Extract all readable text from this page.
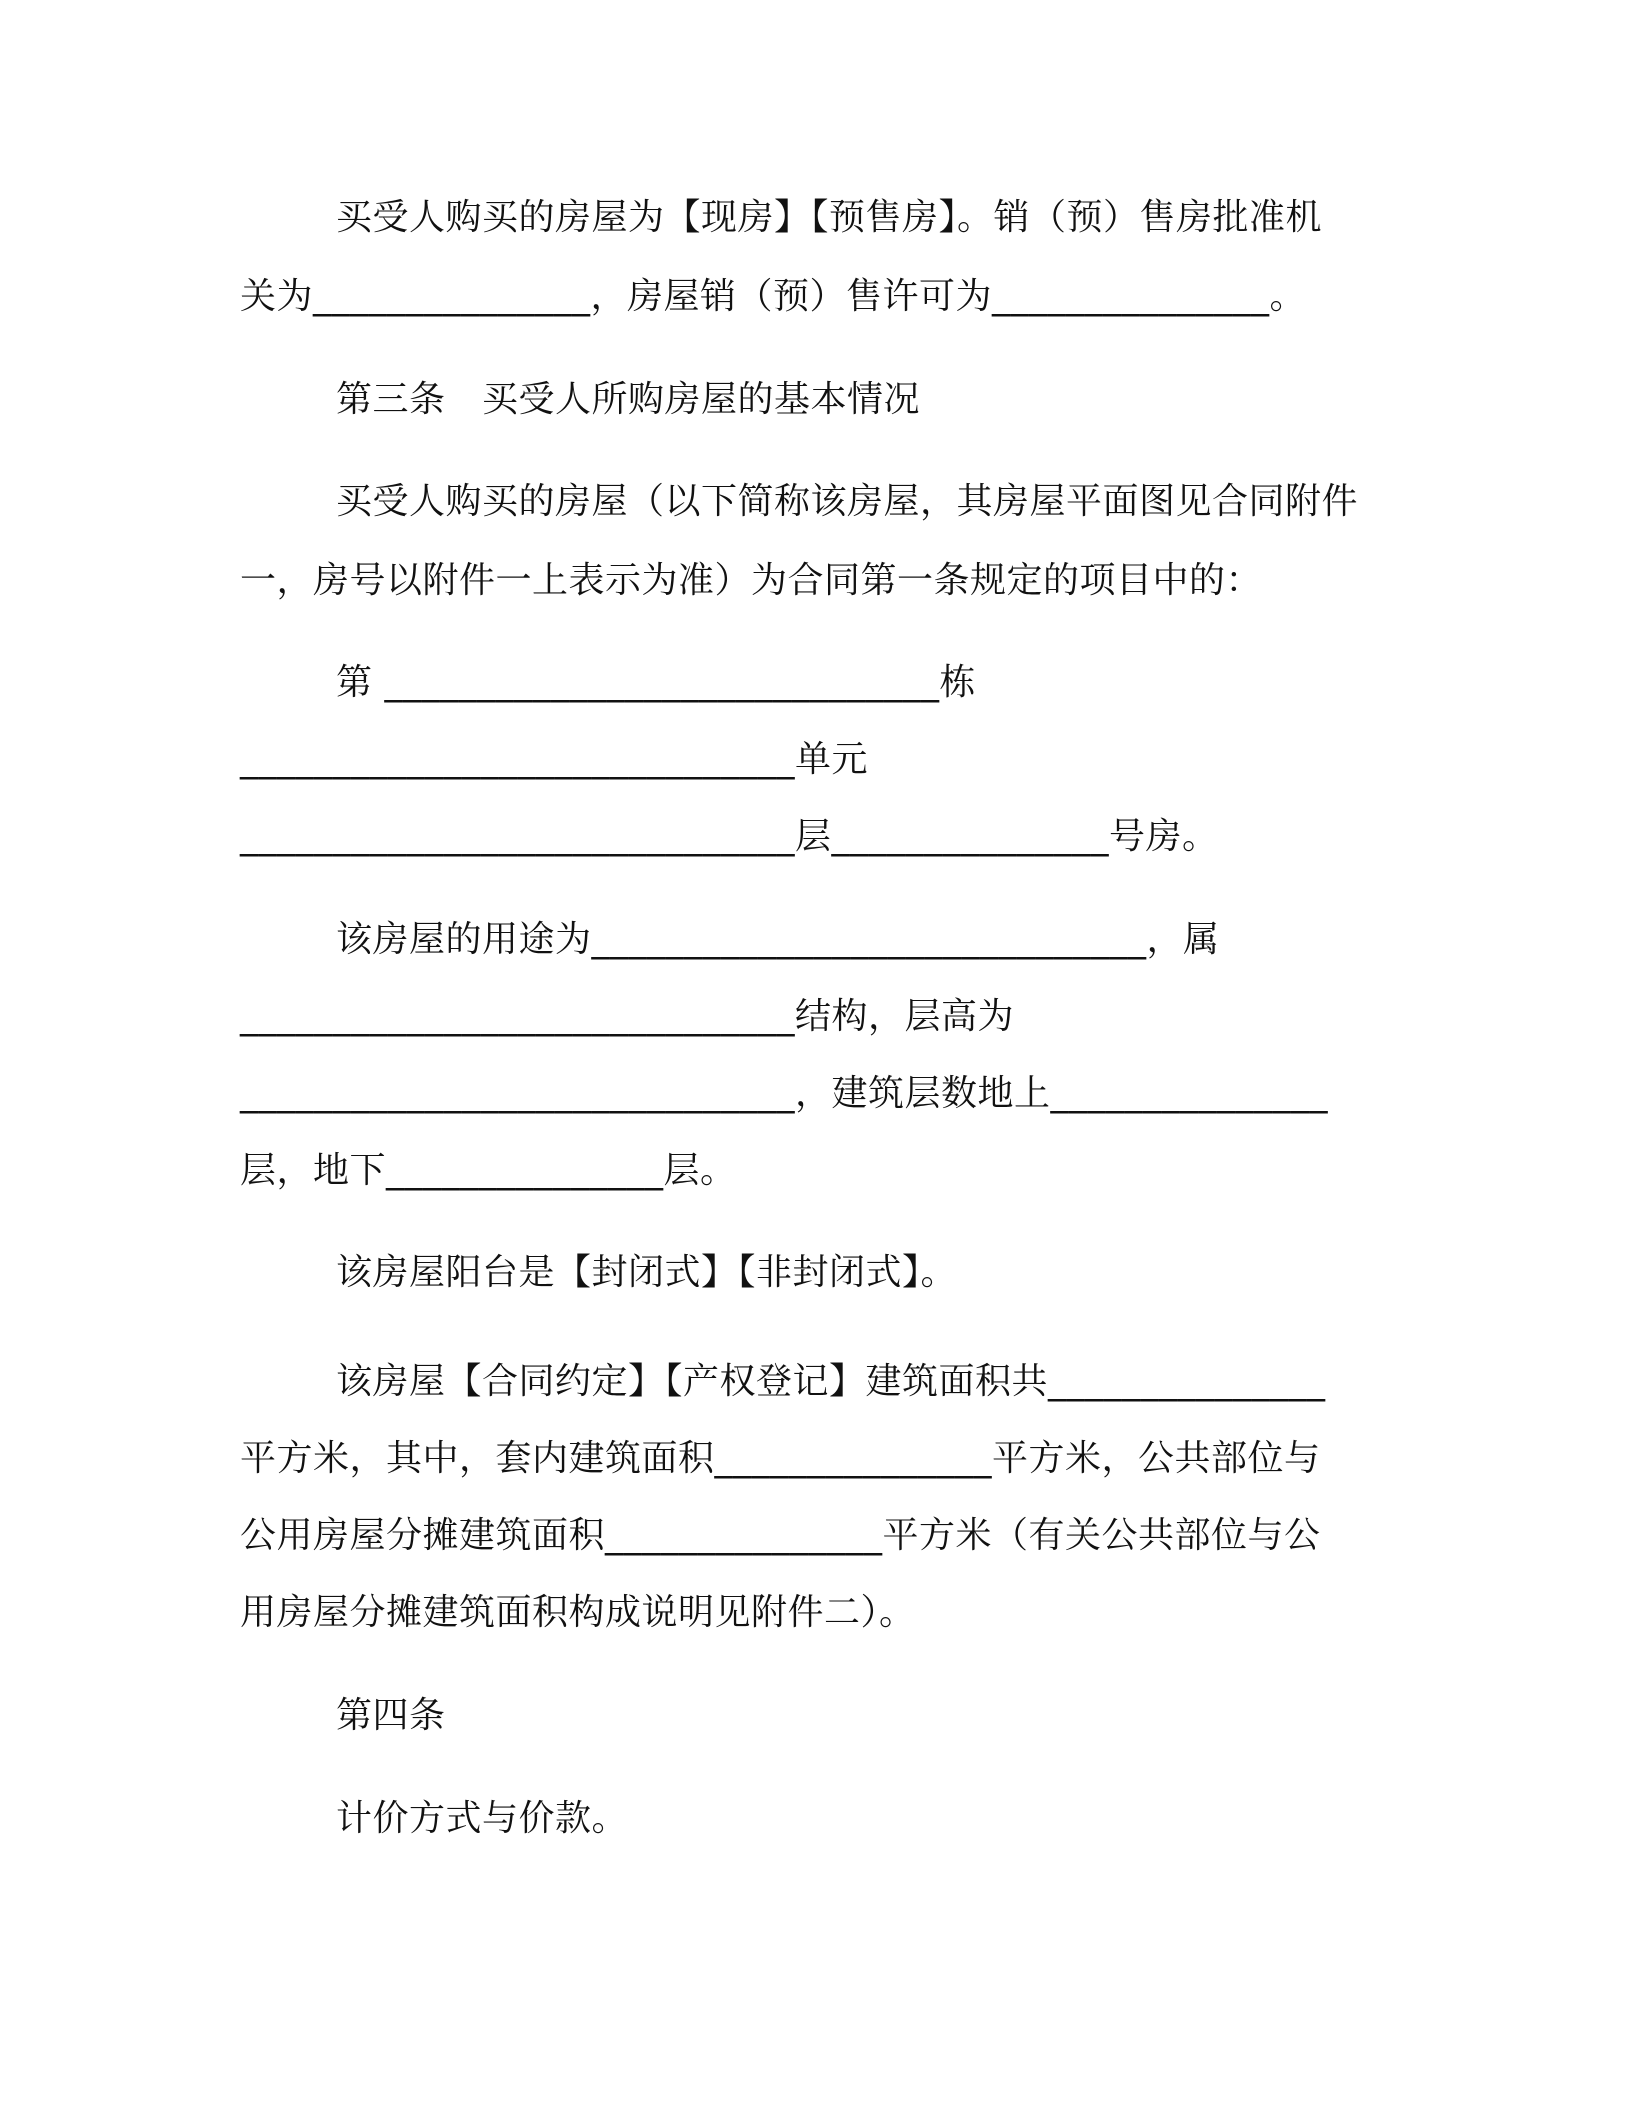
买受人购买的房屋为【现房】【预售房】。销（预）售房批准机
关为_______________，房屋销（预）售许可为_______________。
第三条　买受人所购房屋的基本情况
买受人购买的房屋（以下简称该房屋，其房屋平面图见合同附件
一，房号以附件一上表示为准）为合同第一条规定的项目中的：
第 ______________________________栋
______________________________单元
______________________________层_______________号房。
该房屋的用途为______________________________，属
______________________________结构，层高为
______________________________，建筑层数地上_______________
层，地下_______________层。
该房屋阳台是【封闭式】【非封闭式】。
该房屋【合同约定】【产权登记】建筑面积共_______________
平方米，其中，套内建筑面积_______________平方米，公共部位与
公用房屋分摊建筑面积_______________平方米（有关公共部位与公
用房屋分摊建筑面积构成说明见附件二）。
第四条
计价方式与价款。
